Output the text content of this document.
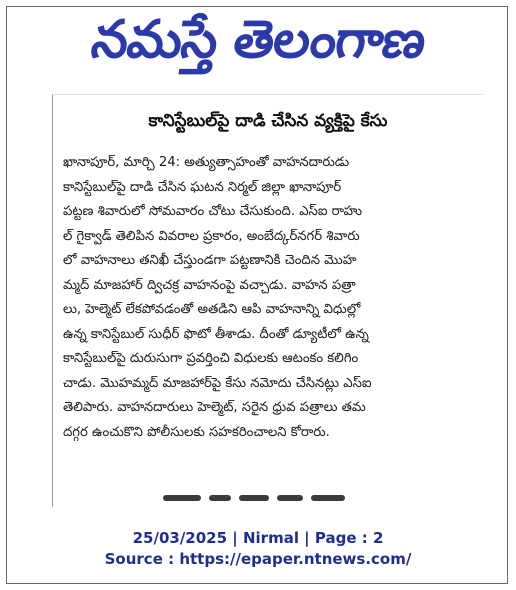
నమస్తే తెలంగాణ
కానిస్టేబుల్‌పై దాడి చేసిన వ్యక్తిపై కేసు
ఖానాపూర్, మార్చి 24: అత్యుత్సాహంతో వాహనదారుడు
కానిస్టేబుల్‌పై దాడి చేసిన ఘటన నిర్మల్ జిల్లా ఖానాపూర్
పట్టణ శివారులో సోమవారం చోటు చేసుకుంది. ఎస్ఐ రాహు
ల్ గైక్వాడ్ తెలిపిన వివరాల ప్రకారం, అంబేద్కర్‌నగర్ శివారు
లో వాహనాలు తనిఖీ చేస్తుండగా పట్టణానికి చెందిన మొహ
మ్మద్ మాజహార్ ద్విచక్ర వాహనంపై వచ్చాడు. వాహన పత్రా
లు, హెల్మెట్ లేకపోవడంతో అతడిని ఆపి వాహనాన్ని విధుల్లో
ఉన్న కానిస్టేబుల్ సుధీర్ ఫొటో తీశాడు. దీంతో డ్యూటీలో ఉన్న
కానిస్టేబుల్‌పై దురుసుగా ప్రవర్తించి విధులకు ఆటంకం కలిగిం
చాడు. మొహమ్మద్ మాజహార్‌పై కేసు నమోదు చేసినట్లు ఎస్ఐ
తెలిపారు. వాహనదారులు హెల్మెట్, సరైన ధ్రువ పత్రాలు తమ
దగ్గర ఉంచుకొని పోలీసులకు సహకరించాలని కోరారు.
25/03/2025 | Nirmal | Page : 2
Source : https://epaper.ntnews.com/
